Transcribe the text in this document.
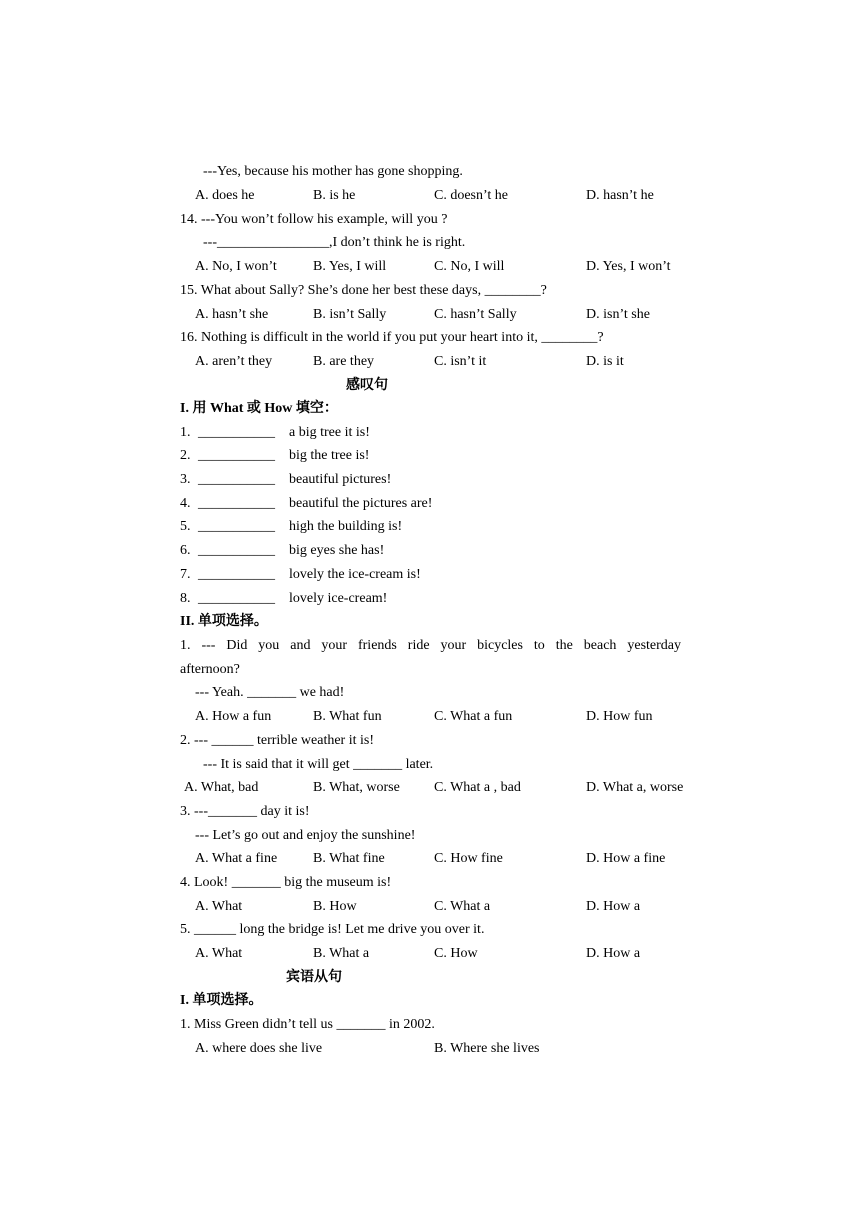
---Yes, because his mother has gone shopping.
A. does he	B. is he	C. doesn’t he	D. hasn’t he
14. ---You won’t follow his example, will you ?
---________________,I don’t think he is right.
A. No, I won’t	B. Yes, I will	C. No, I will	D. Yes, I won’t
15. What about Sally? She’s done her best these days, ________?
A. hasn’t she	B. isn’t Sally	C. hasn’t Sally	D. isn’t she
16. Nothing is difficult in the world if you put your heart into it, ________?
A. aren’t they	B. are they	C. isn’t it	D. is it
感叹句
I. 用 What 或 How 填空：
1. ___________ a big tree it is!
2. ___________ big the tree is!
3. ___________ beautiful pictures!
4. ___________ beautiful the pictures are!
5. ___________ high the building is!
6. ___________ big eyes she has!
7. ___________ lovely the ice-cream is!
8. ___________ lovely ice-cream!
II. 单项选择。
1. --- Did you and your friends ride your bicycles to the beach yesterday
afternoon?
--- Yeah. _______ we had!
A. How a fun	B. What fun	C. What a fun	D. How fun
2. --- ______ terrible weather it is!
--- It is said that it will get _______ later.
A. What, bad	B. What, worse C. What a , bad	D. What a, worse
3. ---_______ day it is!
--- Let’s go out and enjoy the sunshine!
A. What a fine	B. What fine	C. How fine	D. How a fine
4. Look! _______ big the museum is!
A. What	B. How	C. What a	D. How a
5. ______ long the bridge is! Let me drive you over it.
A. What	B. What a	C. How	D. How a
宾语从句
I. 单项选择。
1. Miss Green didn’t tell us _______ in 2002.
A. where does she live	B. Where she lives
